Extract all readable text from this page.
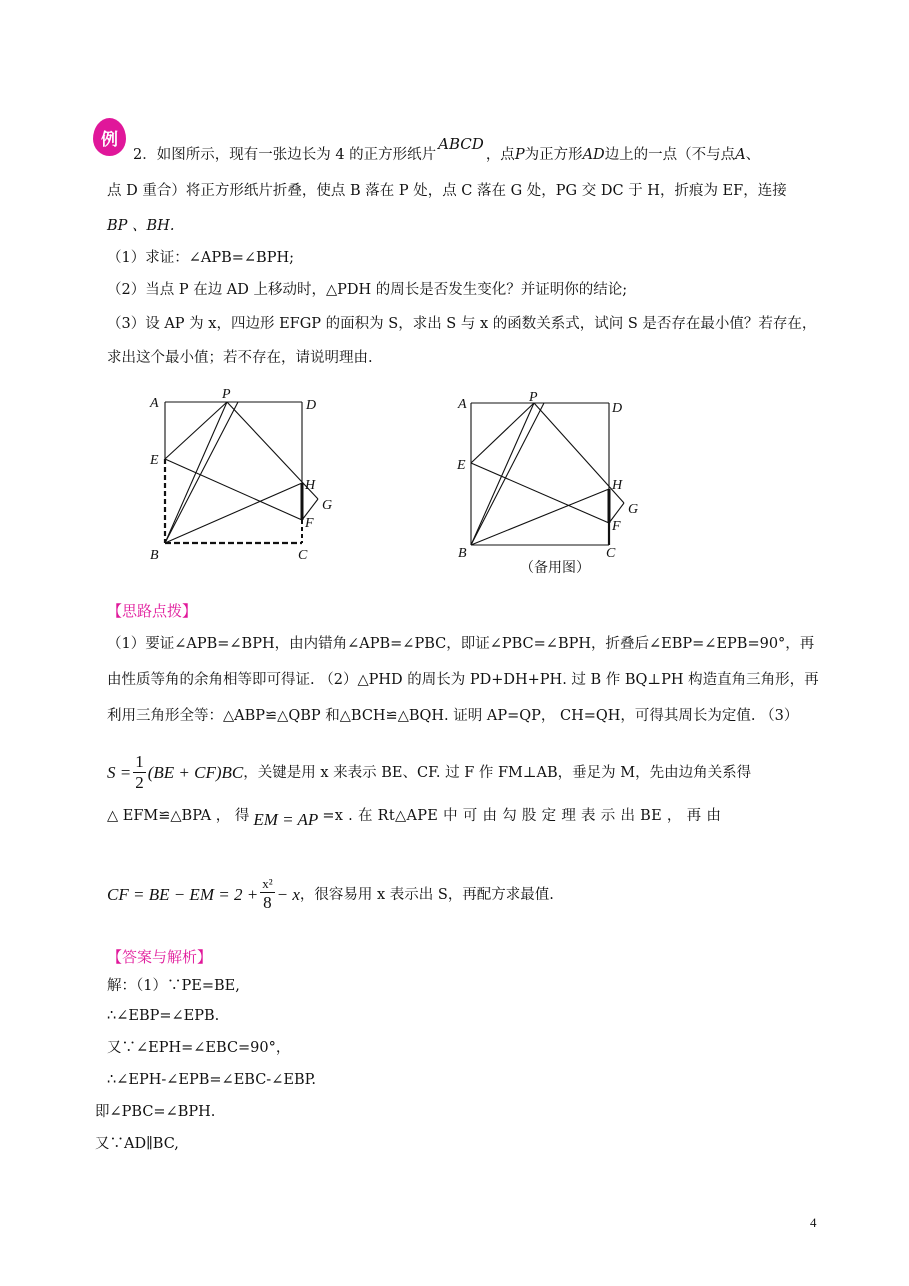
例
2．如图所示，现有一张边长为 4 的正方形纸片ABCD，点P为正方形AD边上的一点（不与点A、
点 D 重合）将正方形纸片折叠，使点 B 落在 P 处，点 C 落在 G 处，PG 交 DC 于 H，折痕为 EF，连接
BP 、BH.
（1）求证：∠APB=∠BPH;
（2）当点 P 在边 AD 上移动时，△PDH 的周长是否发生变化？并证明你的结论;
（3）设 AP 为 x，四边形 EFGP 的面积为 S，求出 S 与 x 的函数关系式，试问 S 是否存在最小值？若存在，
求出这个最小值；若不存在，请说明理由.
A
P
D
E
H
G
F
B	C
A	P
D
E
H
G
F
B	C
（备用图）
【思路点拨】
（1）要证∠APB=∠BPH，由内错角∠APB=∠PBC，即证∠PBC=∠BPH，折叠后∠EBP=∠EPB=90°，再
由性质等角的余角相等即可得证. （2）△PHD 的周长为 PD+DH+PH. 过 B 作 BQ⊥PH 构造直角三角形，再
利用三角形全等：△ABP≌△QBP 和△BCH≌△BQH. 证明 AP=QP， CH=QH，可得其周长为定值. （3）
$S = \frac{1}{2} (BE + CF)BC$ ，关键是用 x 来表示 BE、CF. 过 F 作 FM⊥AB，垂足为 M，先由边角关系得
△ EFM≌△BPA ， 得 EM = AP =x . 在 Rt△APE 中 可 由 勾 股 定 理 表 示 出 BE ， 再 由
CF = BE − EM = $2 + \frac{\text{x²}}{8} - x$ ，很容易用 x 表示出 S，再配方求最值.
【答案与解析】
解：（1）∵PE=BE,
∴∠EBP=∠EPB.
又∵∠EPH=∠EBC=90°，
∴∠EPH-∠EPB=∠EBC-∠EBP.
即∠PBC=∠BPH.
又∵AD∥BC,
4
